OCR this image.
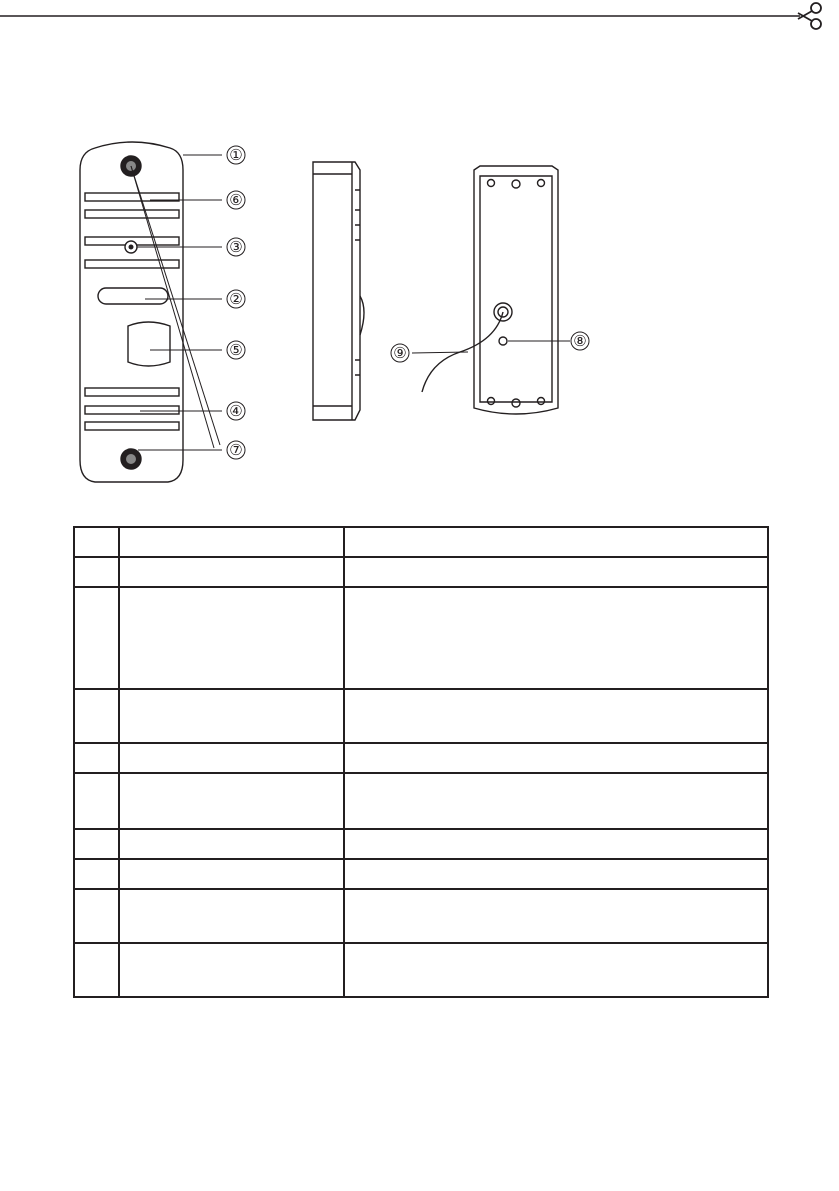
①
⑥
③
②
⑤
④
⑦
⑧
⑨
